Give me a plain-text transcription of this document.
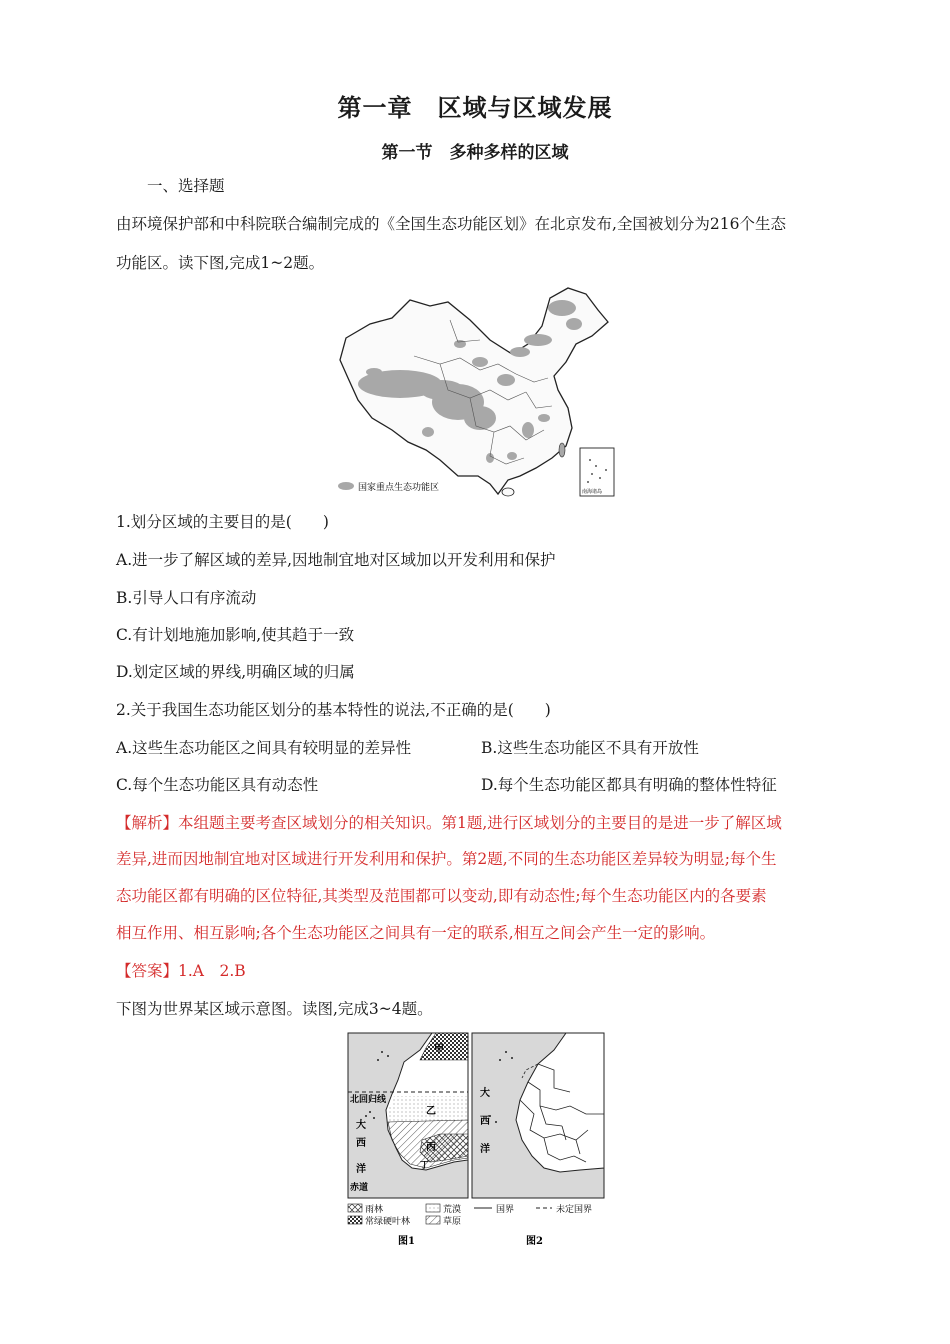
第一章　区域与区域发展
第一节　多种多样的区域
一、选择题
由环境保护部和中科院联合编制完成的《全国生态功能区划》在北京发布,全国被划分为216个生态
功能区。读下图,完成1~2题。
南海诸岛
国家重点生态功能区
1.划分区域的主要目的是(　　)
A.进一步了解区域的差异,因地制宜地对区域加以开发利用和保护
B.引导人口有序流动
C.有计划地施加影响,使其趋于一致
D.划定区域的界线,明确区域的归属
2.关于我国生态功能区划分的基本特性的说法,不正确的是(　　)
A.这些生态功能区之间具有较明显的差异性	B.这些生态功能区不具有开放性
C.每个生态功能区具有动态性	D.每个生态功能区都具有明确的整体性特征
【解析】本组题主要考查区域划分的相关知识。第1题,进行区域划分的主要目的是进一步了解区域
差异,进而因地制宜地对区域进行开发利用和保护。第2题,不同的生态功能区差异较为明显;每个生
态功能区都有明确的区位特征,其类型及范围都可以变动,即有动态性;每个生态功能区内的各要素
相互作用、相互影响;各个生态功能区之间具有一定的联系,相互之间会产生一定的影响。
【答案】1.A　2.B
下图为世界某区域示意图。读图,完成3~4题。
甲
乙
丙
丁
北回归线
大
西
洋
赤道
大
西
洋
雨林	荒漠
常绿硬叶林	草原
国界	未定国界
图1	图2
